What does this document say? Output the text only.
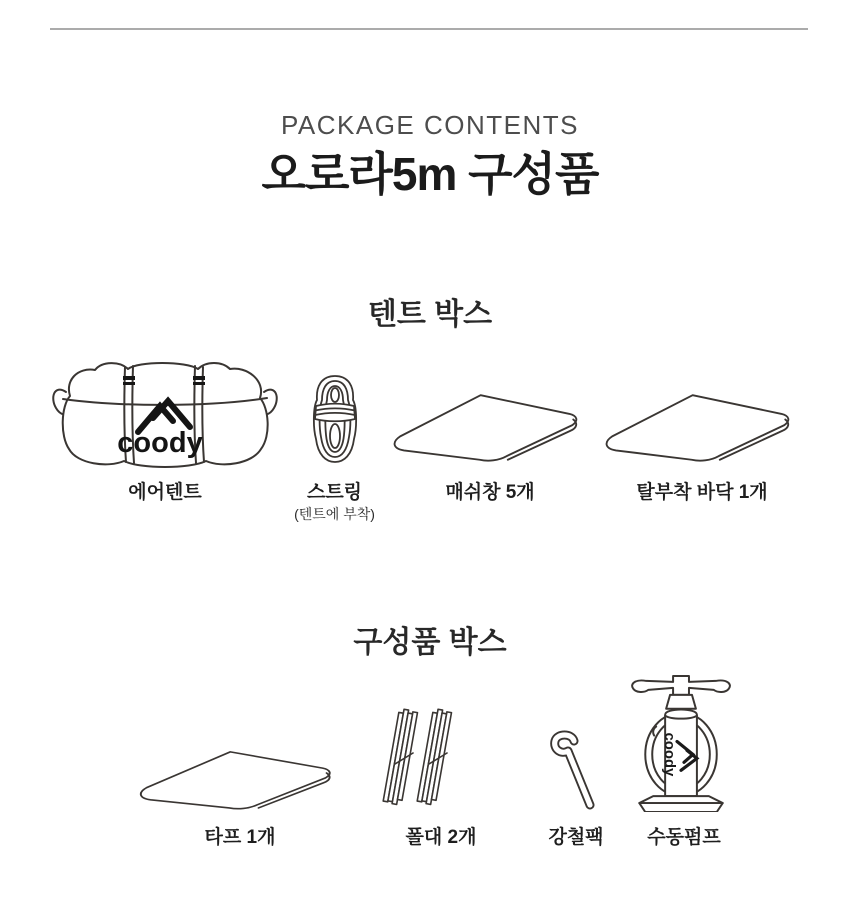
PACKAGE CONTENTS
오로라5m 구성품
텐트 박스
coody
에어텐트	스트링
(텐트에 부착)
매쉬창 5개	탈부착 바닥 1개
구성품 박스
타프 1개	폴대 2개	강철팩
coody
수동펌프
